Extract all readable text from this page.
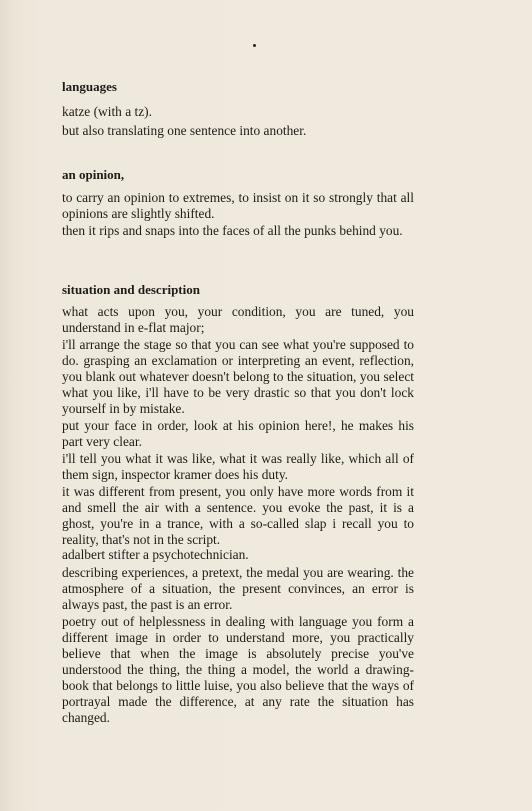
languages

katze (with a tz).

but also translating one sentence into another.

an opinion,

to carry an opinion to extremes, to insist on it so strongly that all opinions are slightly shifted.

then it rips and snaps into the faces of all the punks behind you.

situation and description

what acts upon you, your condition, you are tuned, you understand in e-flat major;

i'll arrange the stage so that you can see what you're supposed to do. grasping an exclamation or interpreting an event, reflection, you blank out whatever doesn't belong to the situation, you select what you like, i'll have to be very drastic so that you don't lock yourself in by mistake.

put your face in order, look at his opinion here!, he makes his part very clear.

i'll tell you what it was like, what it was really like, which all of them sign, inspector kramer does his duty.

it was different from present, you only have more words from it and smell the air with a sentence. you evoke the past, it is a ghost, you're in a trance, with a so-called slap i recall you to reality, that's not in the script.

adalbert stifter a psychotechnician.

describing experiences, a pretext, the medal you are wearing. the atmosphere of a situation, the present convinces, an error is always past, the past is an error.

poetry out of helplessness in dealing with language you form a different image in order to understand more, you practically believe that when the image is absolutely precise you've understood the thing, the thing a model, the world a drawing-book that belongs to little luise, you also believe that the ways of portrayal made the difference, at any rate the situation has changed.
